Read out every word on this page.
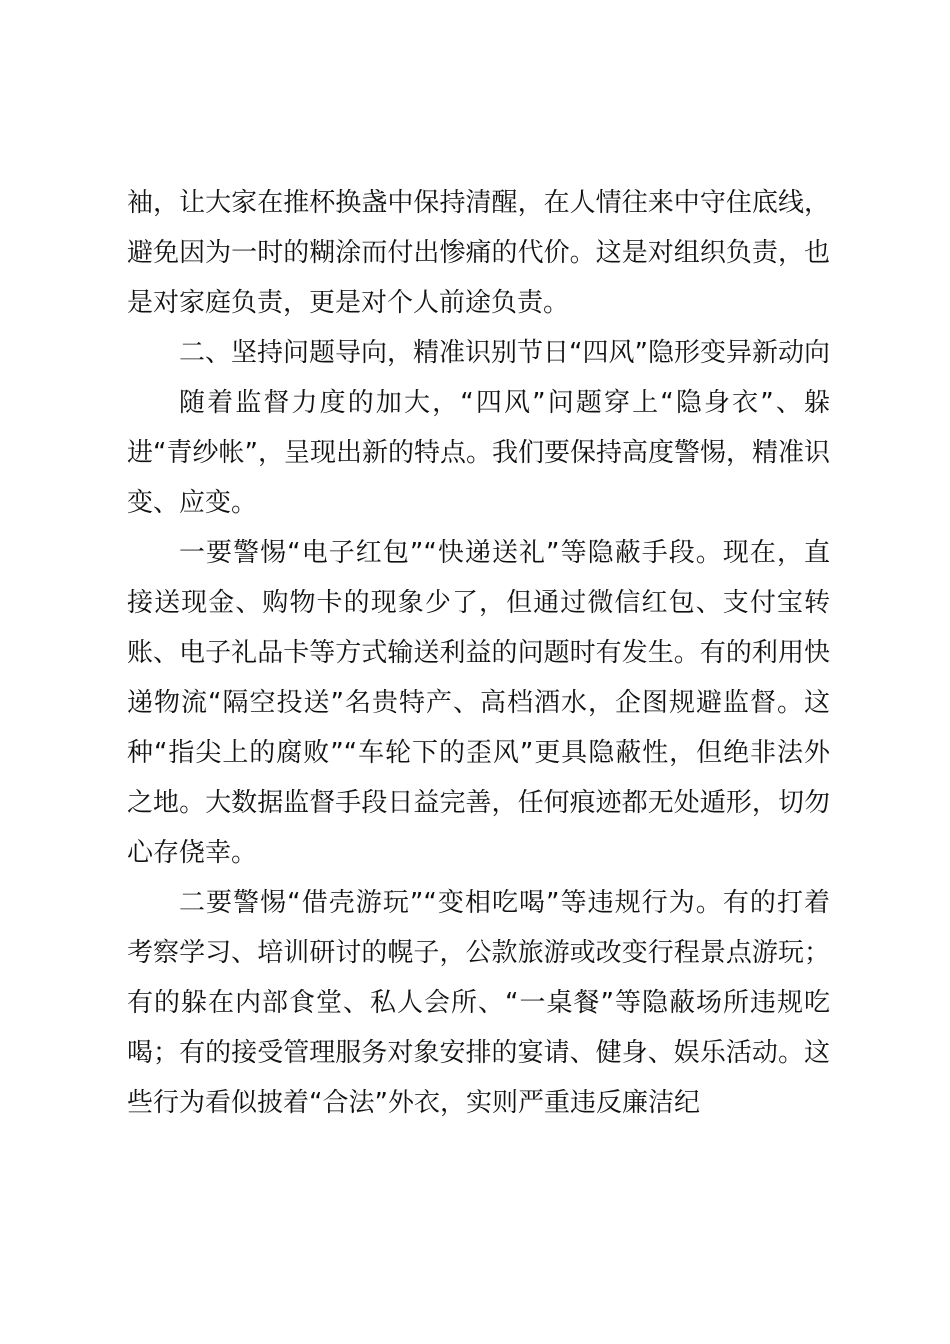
袖，让大家在推杯换盏中保持清醒，在人情往来中守住底线，避免因为一时的糊涂而付出惨痛的代价。这是对组织负责，也是对家庭负责，更是对个人前途负责。

二、坚持问题导向，精准识别节日“四风”隐形变异新动向

随着监督力度的加大，“四风”问题穿上“隐身衣”、躲进“青纱帐”，呈现出新的特点。我们要保持高度警惕，精准识变、应变。

一要警惕“电子红包”“快递送礼”等隐蔽手段。现在，直接送现金、购物卡的现象少了，但通过微信红包、支付宝转账、电子礼品卡等方式输送利益的问题时有发生。有的利用快递物流“隔空投送”名贵特产、高档酒水，企图规避监督。这种“指尖上的腐败”“车轮下的歪风”更具隐蔽性，但绝非法外之地。大数据监督手段日益完善，任何痕迹都无处遁形，切勿心存侥幸。

二要警惕“借壳游玩”“变相吃喝”等违规行为。有的打着考察学习、培训研讨的幌子，公款旅游或改变行程景点游玩；有的躲在内部食堂、私人会所、“一桌餐”等隐蔽场所违规吃喝；有的接受管理服务对象安排的宴请、健身、娱乐活动。这些行为看似披着“合法”外衣，实则严重违反廉洁纪
